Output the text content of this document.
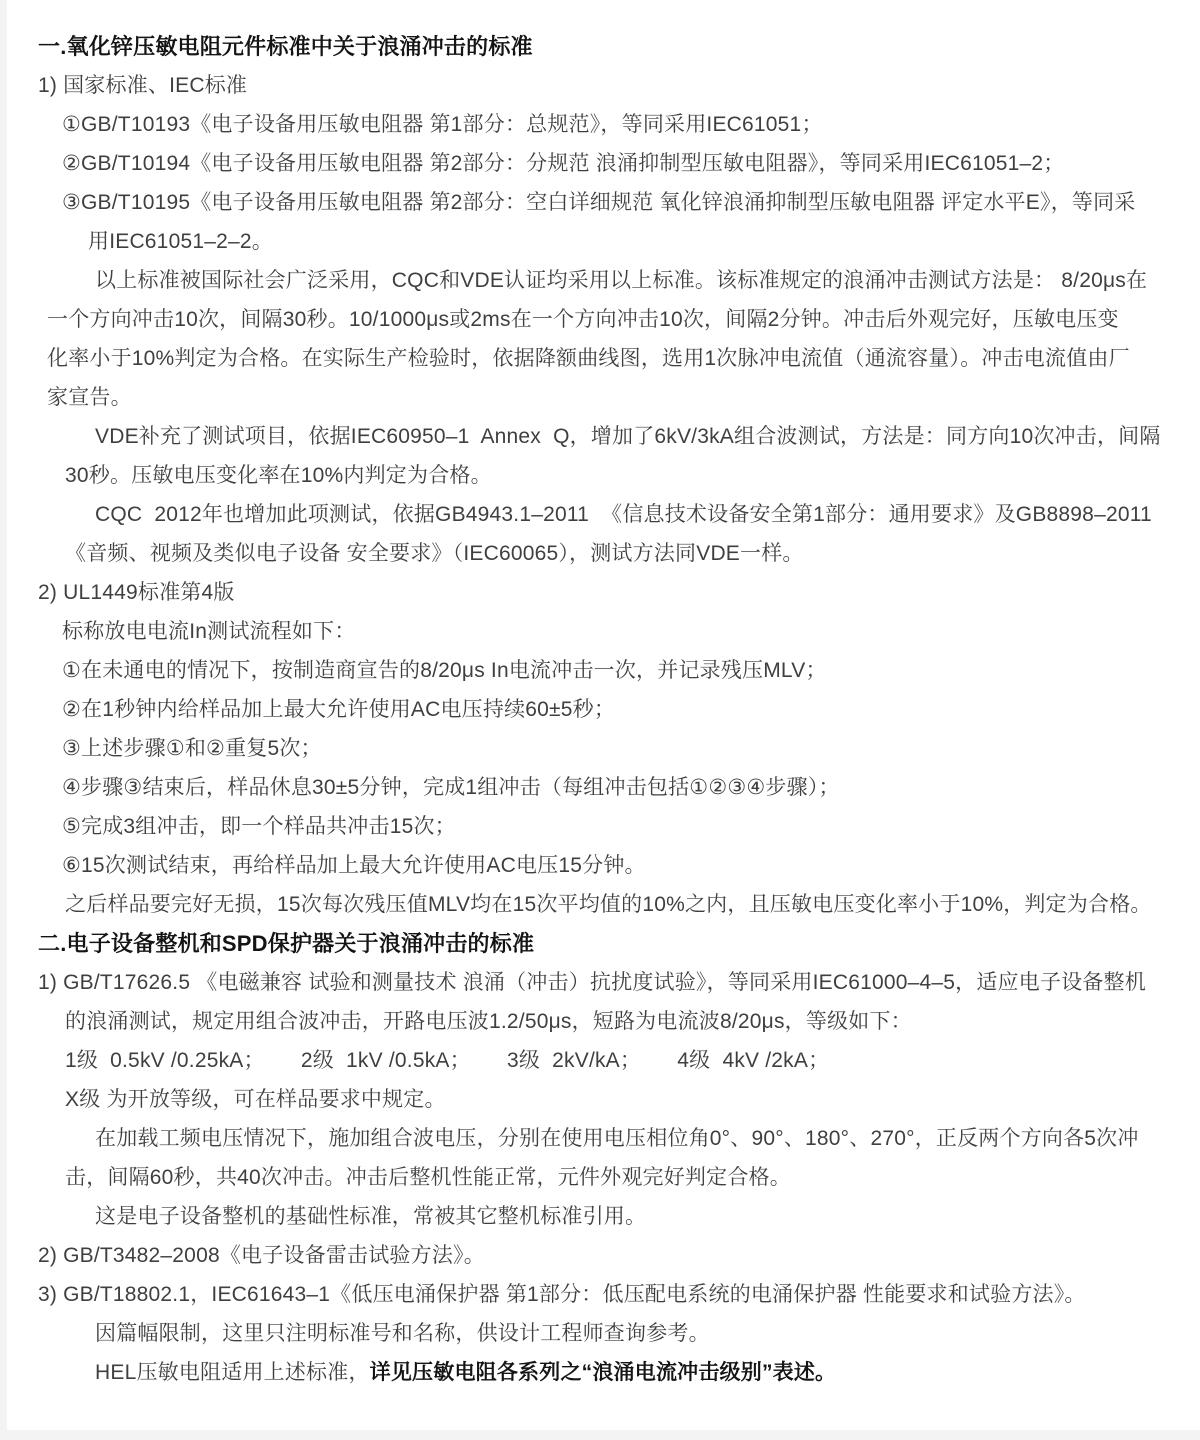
一.氧化锌压敏电阻元件标准中关于浪涌冲击的标准
1) 国家标准、IEC标准
①GB/T10193《电子设备用压敏电阻器 第1部分：总规范》，等同采用IEC61051；
②GB/T10194《电子设备用压敏电阻器 第2部分：分规范 浪涌抑制型压敏电阻器》，等同采用IEC61051–2；
③GB/T10195《电子设备用压敏电阻器 第2部分：空白详细规范 氧化锌浪涌抑制型压敏电阻器 评定水平E》，等同采
用IEC61051–2–2。
以上标准被国际社会广泛采用，CQC和VDE认证均采用以上标准。该标准规定的浪涌冲击测试方法是： 8/20μs在
一个方向冲击10次，间隔30秒。10/1000μs或2ms在一个方向冲击10次，间隔2分钟。冲击后外观完好，压敏电压变
化率小于10%判定为合格。在实际生产检验时，依据降额曲线图，选用1次脉冲电流值（通流容量）。冲击电流值由厂
家宣告。
VDE补充了测试项目，依据IEC60950–1  Annex  Q，增加了6kV/3kA组合波测试，方法是：同方向10次冲击，间隔
30秒。压敏电压变化率在10%内判定为合格。
CQC  2012年也增加此项测试，依据GB4943.1–2011  《信息技术设备安全第1部分：通用要求》及GB8898–2011
《音频、视频及类似电子设备 安全要求》（IEC60065），测试方法同VDE一样。
2) UL1449标准第4版
标称放电电流In测试流程如下：
①在未通电的情况下，按制造商宣告的8/20μs In电流冲击一次，并记录残压MLV；
②在1秒钟内给样品加上最大允许使用AC电压持续60±5秒；
③上述步骤①和②重复5次；
④步骤③结束后，样品休息30±5分钟，完成1组冲击（每组冲击包括①②③④步骤）；
⑤完成3组冲击，即一个样品共冲击15次；
⑥15次测试结束，再给样品加上最大允许使用AC电压15分钟。
之后样品要完好无损，15次每次残压值MLV均在15次平均值的10%之内，且压敏电压变化率小于10%，判定为合格。
二.电子设备整机和SPD保护器关于浪涌冲击的标准
1) GB/T17626.5 《电磁兼容 试验和测量技术 浪涌（冲击）抗扰度试验》，等同采用IEC61000–4–5，适应电子设备整机
的浪涌测试，规定用组合波冲击，开路电压波1.2/50μs，短路为电流波8/20μs，等级如下：
1级  0.5kV /0.25kA；      2级  1kV /0.5kA；      3级  2kV/kA；      4级  4kV /2kA；
X级 为开放等级，可在样品要求中规定。
在加载工频电压情况下，施加组合波电压，分别在使用电压相位角0°、90°、180°、270°，正反两个方向各5次冲
击，间隔60秒，共40次冲击。冲击后整机性能正常，元件外观完好判定合格。
这是电子设备整机的基础性标准，常被其它整机标准引用。
2) GB/T3482–2008《电子设备雷击试验方法》。
3) GB/T18802.1，IEC61643–1《低压电涌保护器 第1部分：低压配电系统的电涌保护器 性能要求和试验方法》。
因篇幅限制，这里只注明标准号和名称，供设计工程师查询参考。
HEL压敏电阻适用上述标准，详见压敏电阻各系列之“浪涌电流冲击级别”表述。
